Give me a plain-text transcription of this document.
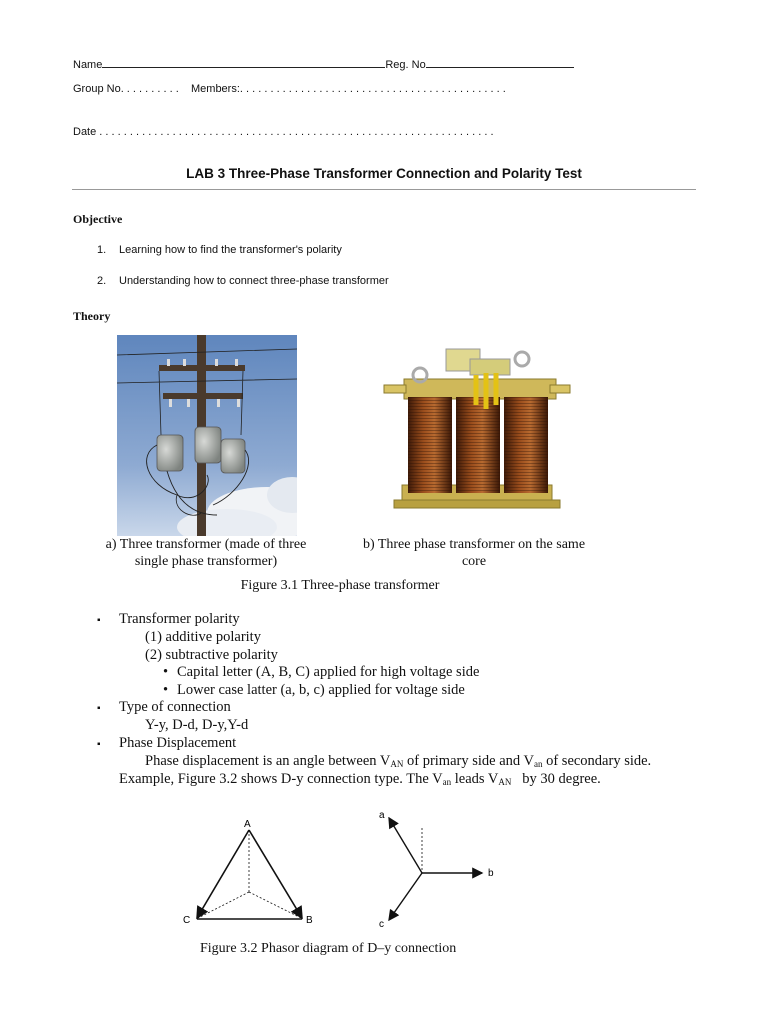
Name	Reg. No
Group No. . . . . . . . . . Members:. . . . . . . . . . . . . . . . . . . . . . . . . . . . . . . . . . . . . . . . . . . .
Date . . . . . . . . . . . . . . . . . . . . . . . . . . . . . . . . . . . . . . . . . . . . . . . . . . . . . . . . . . . . . . . . .
LAB 3 Three-Phase Transformer Connection and Polarity Test
Objective
1. Learning how to find the transformer's polarity
2. Understanding how to connect three-phase transformer
Theory
a) Three transformer (made of three
single phase transformer)
b) Three phase transformer on the same
core
Figure 3.1 Three-phase transformer
▪ Transformer polarity
(1) additive polarity
(2) subtractive polarity
• Capital letter (A, B, C) applied for high voltage side
• Lower case latter (a, b, c) applied for voltage side
▪ Type of connection
Y-y, D-d, D-y,Y-d
▪ Phase Displacement
Phase displacement is an angle between $V_{AN}$ of primary side and $V_{an}$ of secondary side.
Example, Figure 3.2 shows D-y connection type. The $V_{an}$ leads $V_{AN}$   by 30 degree.
A
C	B
a
b
c
Figure 3.2 Phasor diagram of D–y connection
